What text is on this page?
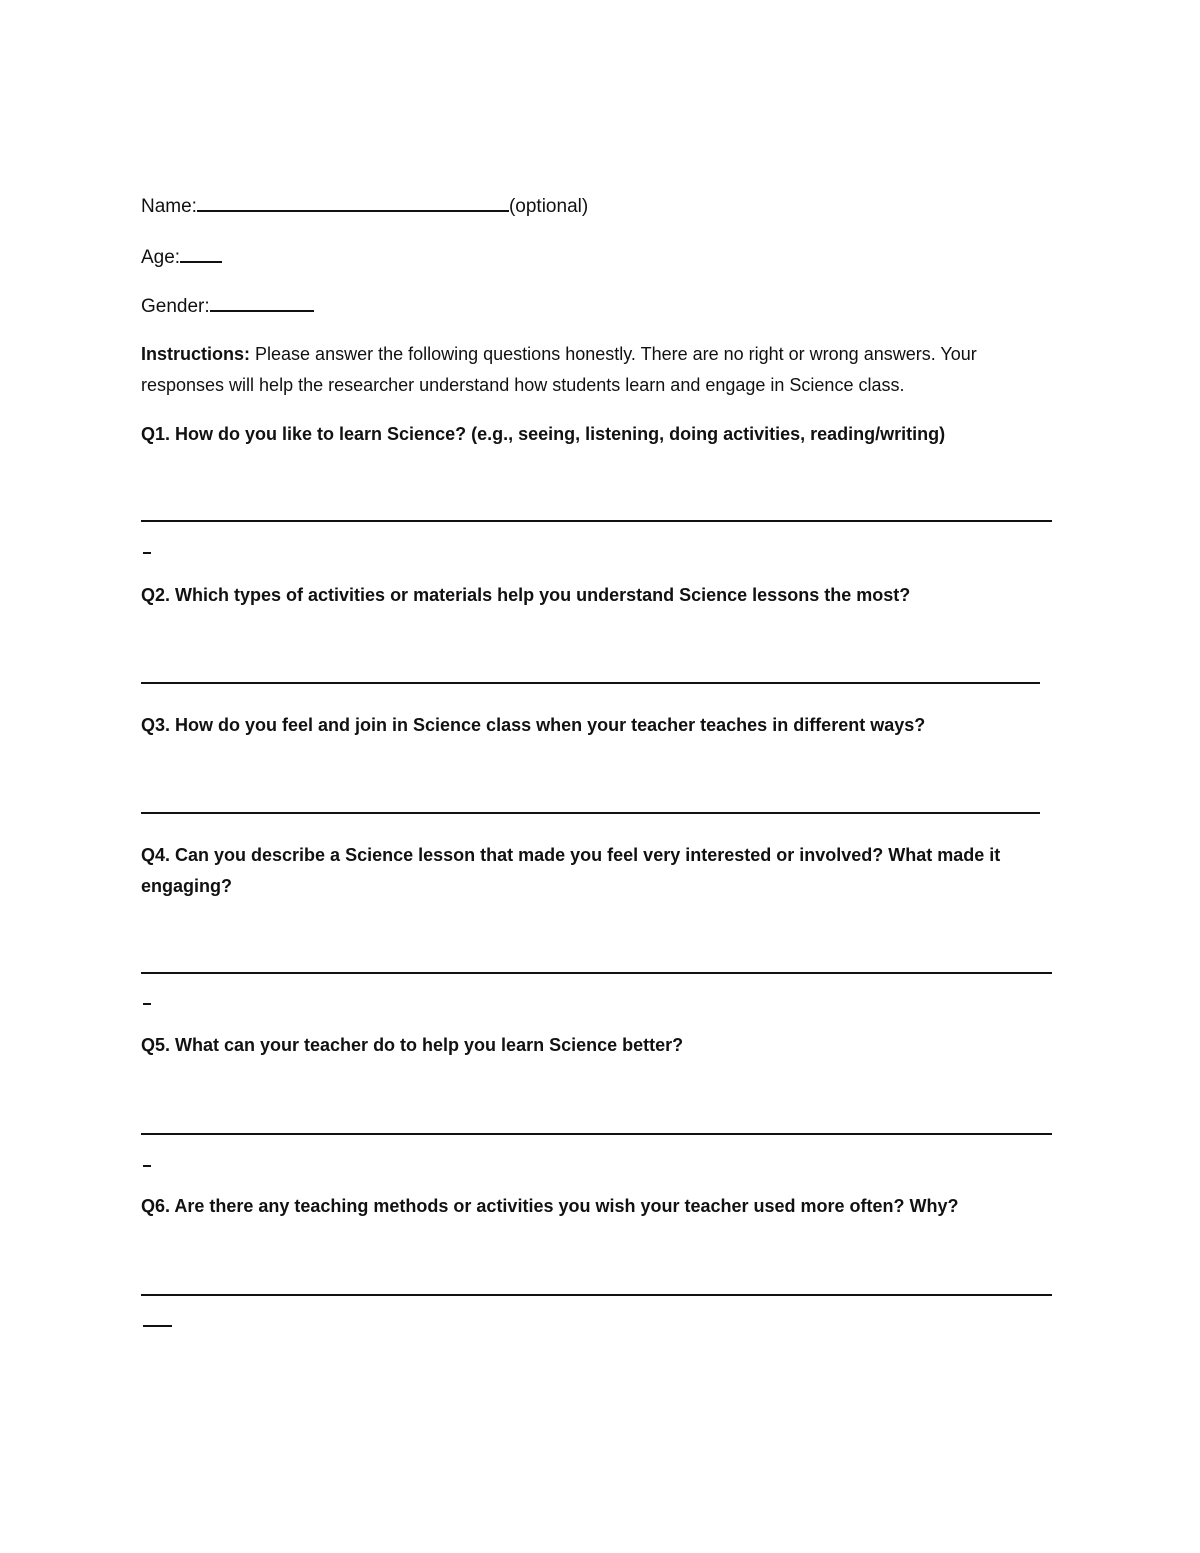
Name:	(optional)
Age:
Gender:
Instructions: Please answer the following questions honestly. There are no right or wrong answers. Your responses will help the researcher understand how students learn and engage in Science class.
Q1. How do you like to learn Science? (e.g., seeing, listening, doing activities, reading/writing)
Q2. Which types of activities or materials help you understand Science lessons the most?
Q3. How do you feel and join in Science class when your teacher teaches in different ways?
Q4. Can you describe a Science lesson that made you feel very interested or involved? What made it engaging?
Q5. What can your teacher do to help you learn Science better?
Q6. Are there any teaching methods or activities you wish your teacher used more often? Why?
